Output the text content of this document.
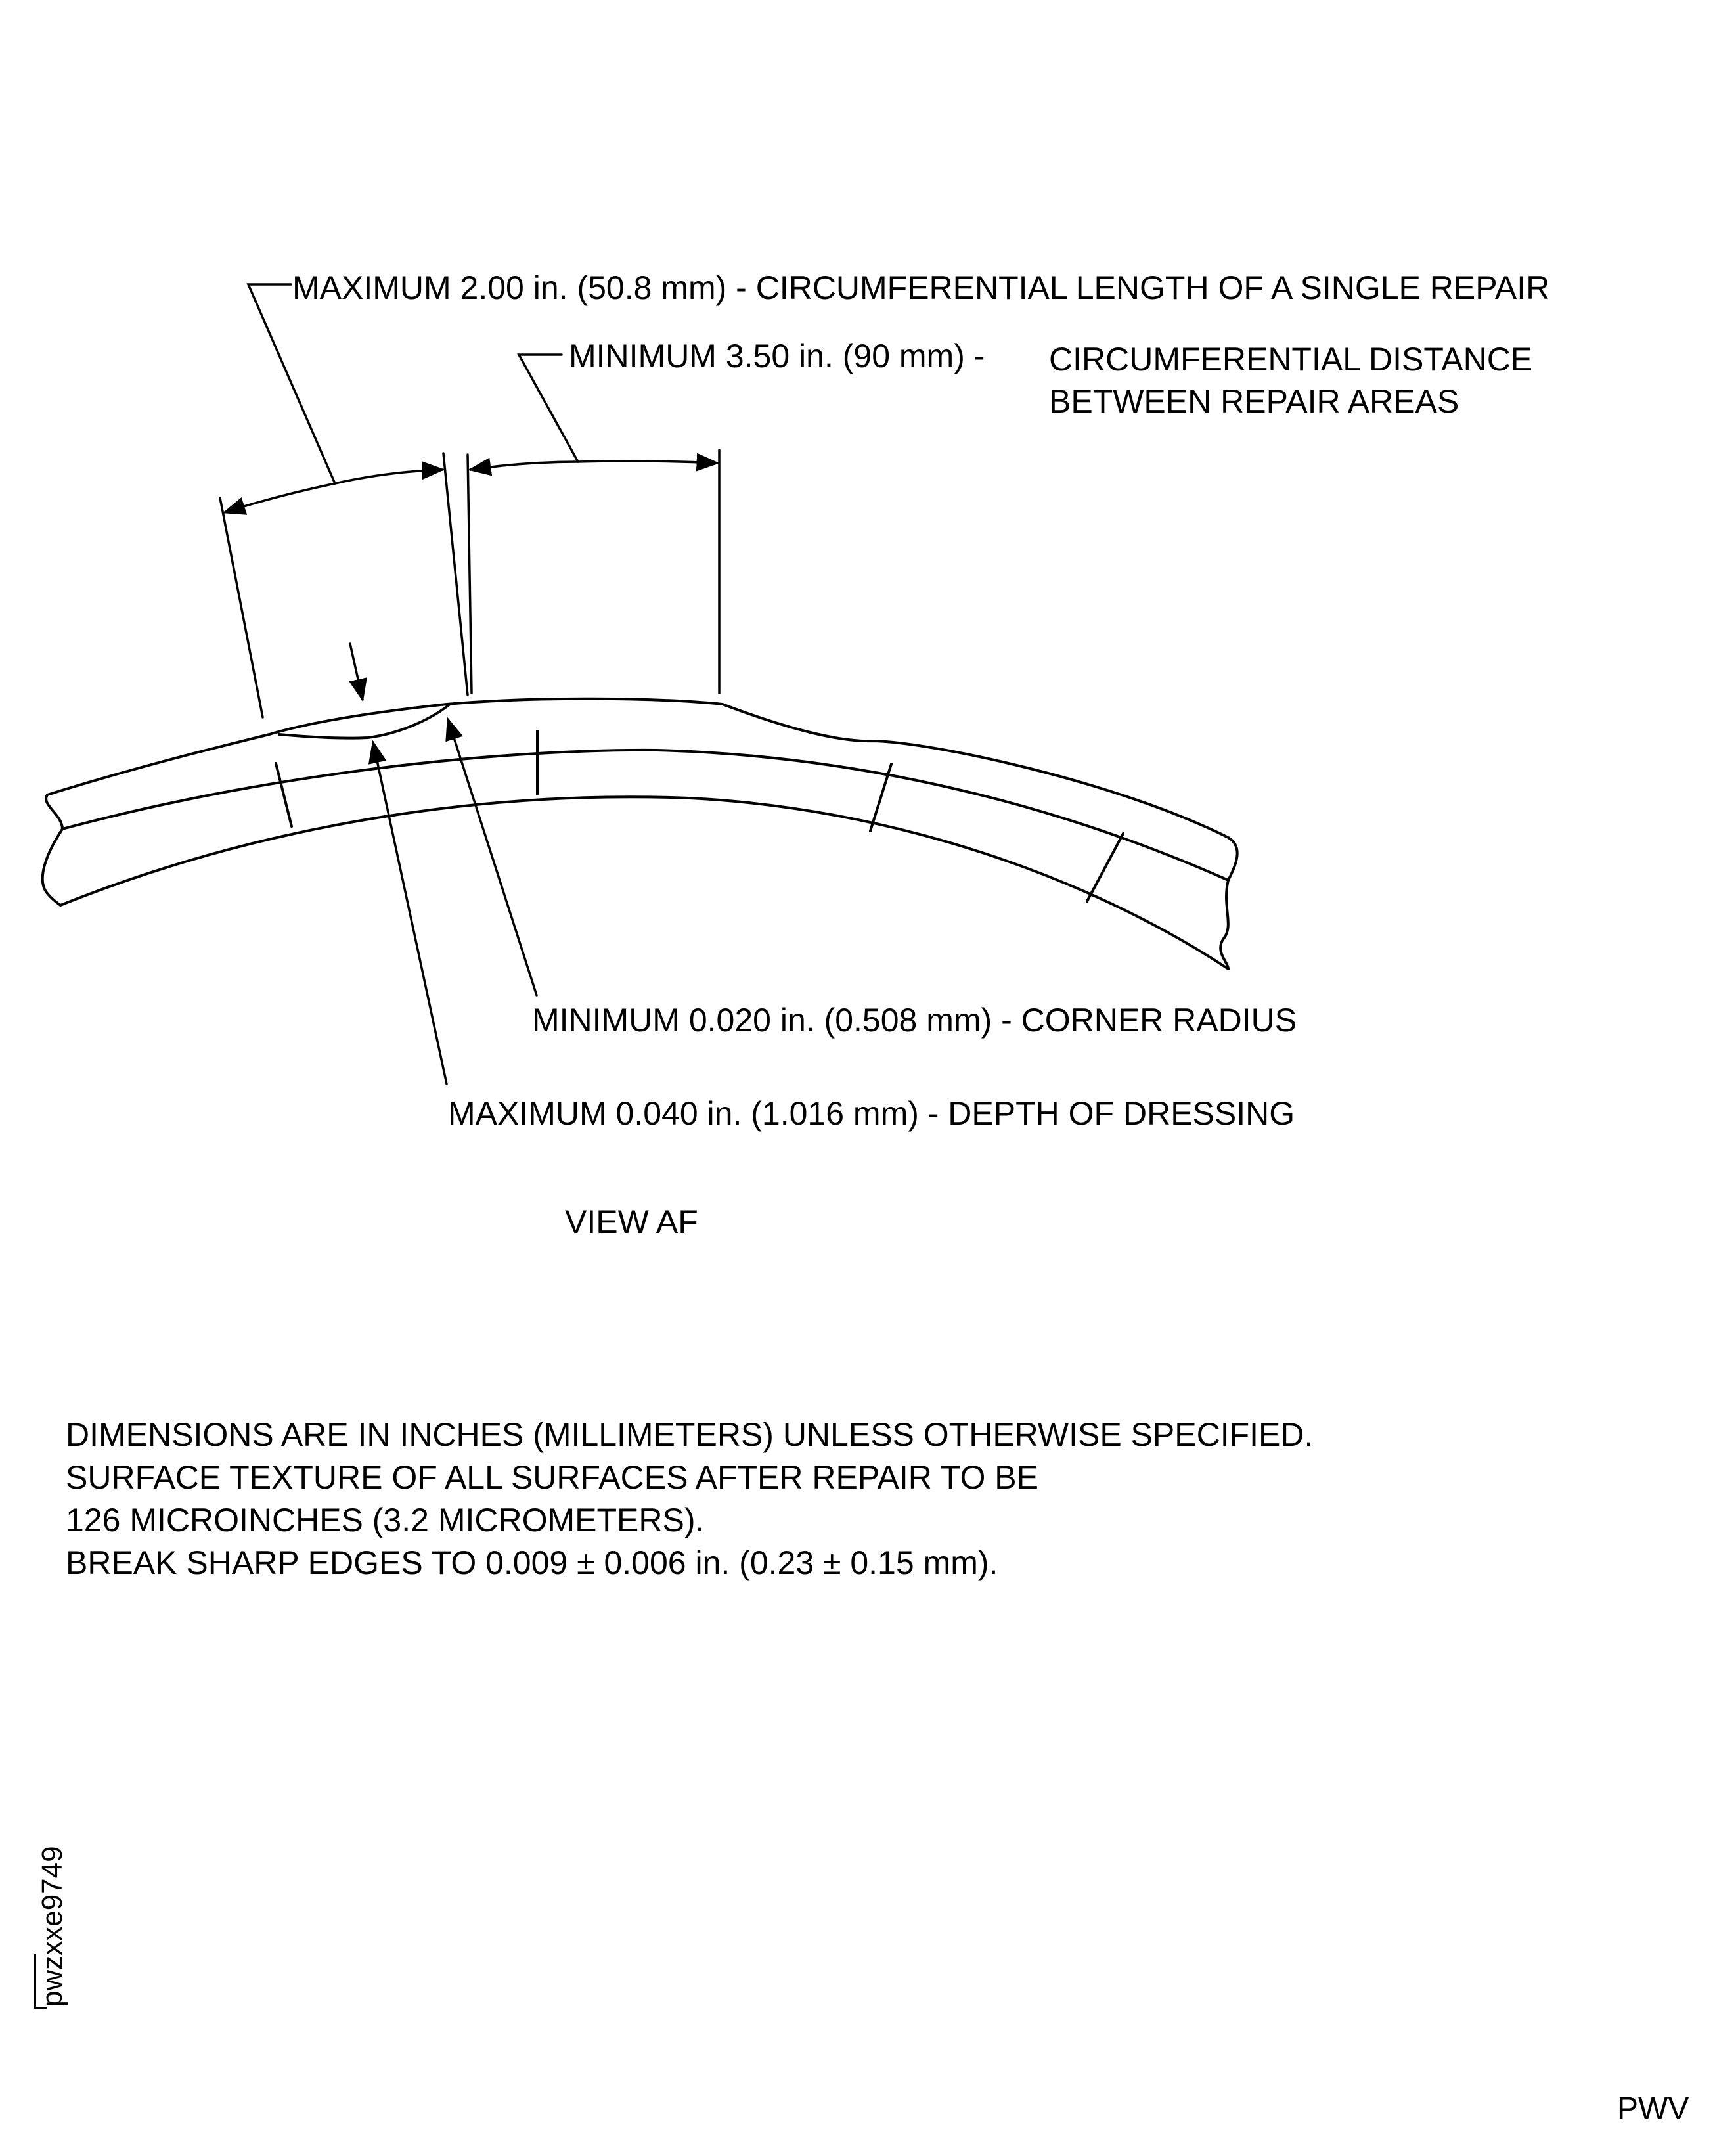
MAXIMUM 2.00 in. (50.8 mm) - CIRCUMFERENTIAL LENGTH OF A SINGLE REPAIR
MINIMUM 3.50 in. (90 mm) - CIRCUMFERENTIAL DISTANCE
BETWEEN REPAIR AREAS
MINIMUM 0.020 in. (0.508 mm) - CORNER RADIUS
MAXIMUM 0.040 in. (1.016 mm) - DEPTH OF DRESSING
VIEW AF
DIMENSIONS ARE IN INCHES (MILLIMETERS) UNLESS OTHERWISE SPECIFIED.
SURFACE TEXTURE OF ALL SURFACES AFTER REPAIR TO BE
126 MICROINCHES (3.2 MICROMETERS).
BREAK SHARP EDGES TO 0.009 ± 0.006 in. (0.23 ± 0.15 mm).
pwzxxe9749
PWV
